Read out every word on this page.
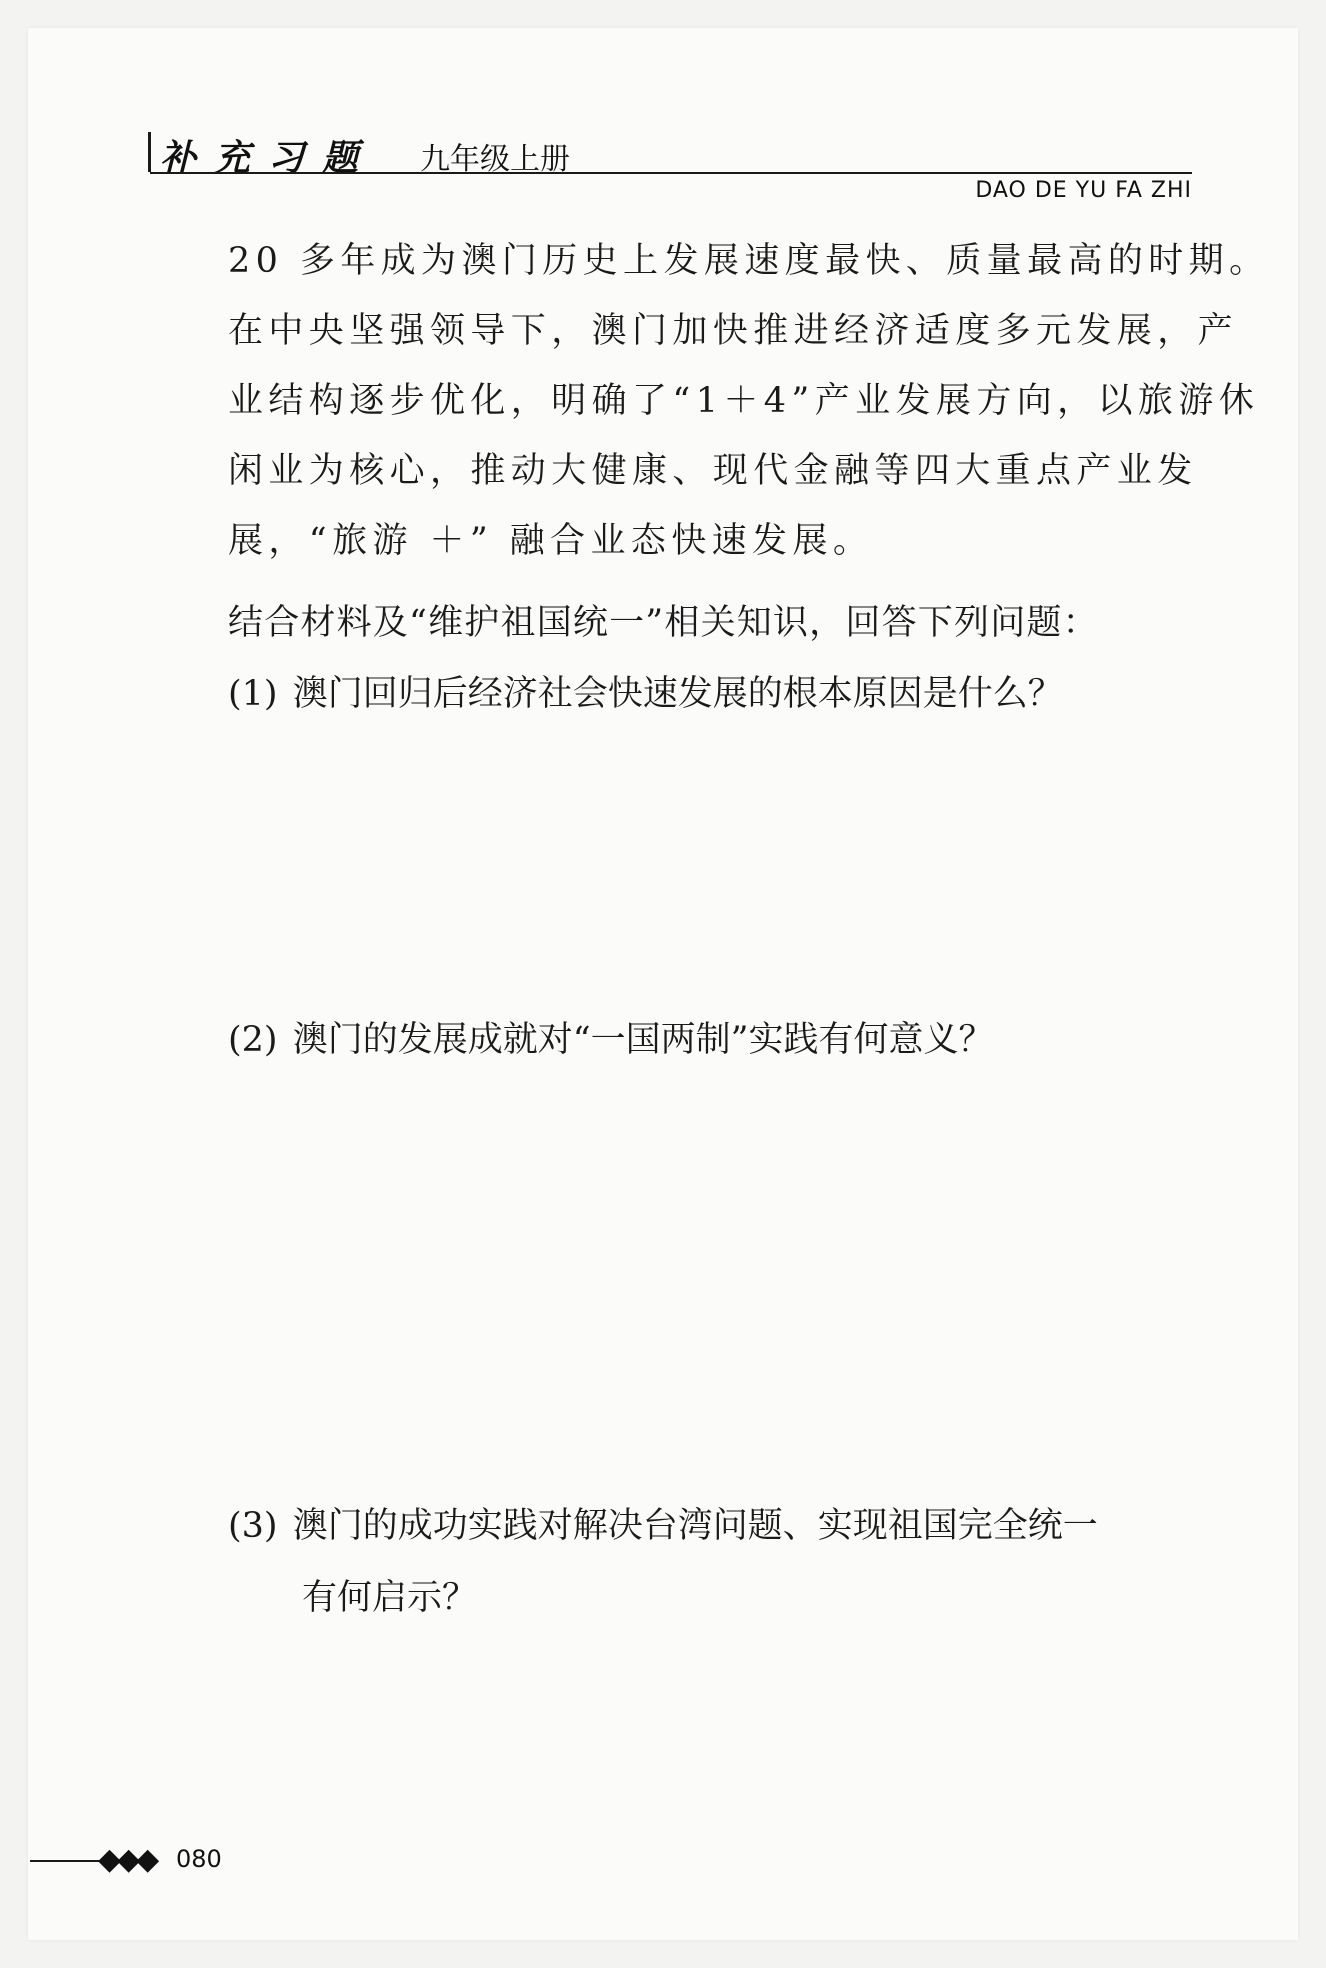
补充习题 九年级上册
DAO DE YU FA ZHI
20 多年成为澳门历史上发展速度最快、质量最高的时期。
在中央坚强领导下，澳门加快推进经济适度多元发展，产
业结构逐步优化，明确了“1＋4”产业发展方向，以旅游休
闲业为核心，推动大健康、现代金融等四大重点产业发
展，“旅游 ＋” 融合业态快速发展。
结合材料及“维护祖国统一”相关知识，回答下列问题：
(1) 澳门回归后经济社会快速发展的根本原因是什么？
(2) 澳门的发展成就对“一国两制”实践有何意义？
(3) 澳门的成功实践对解决台湾问题、实现祖国完全统一
有何启示？
◆◆◆ 080
